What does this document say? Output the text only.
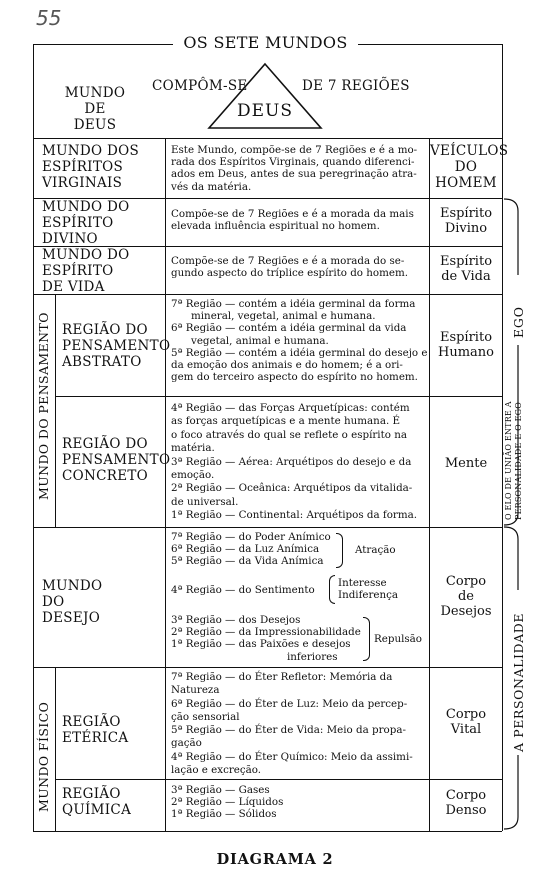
55
OS SETE MUNDOS
MUNDO
DE
DEUS
COMPÔM-SE	DE 7 REGIÕES
DEUS
MUNDO DOS
ESPÍRITOS
VIRGINAIS
Este Mundo, compõe-se de 7 Regiões e é a mo-
rada dos Espíritos Virginais, quando diferenci-
ados em Deus, antes de sua peregrinação atra-
vés da matéria.
VEÍCULOS
DO
HOMEM
MUNDO DO
ESPÍRITO
DIVINO
Compõe-se de 7 Regiões e é a morada da mais
elevada influência espiritual no homem.
Espírito
Divino
MUNDO DO
ESPÍRITO
DE VIDA
Compõe-se de 7 Regiões e é a morada do se-
gundo aspecto do tríplice espírito do homem.
Espírito
de Vida
MUNDO DO PENSAMENTO REGIÃO DO
PENSAMENTO
ABSTRATO
7ª Região — contém a idéia germinal da forma
mineral, vegetal, animal e humana.
6ª Região — contém a idéia germinal da vida
vegetal, animal e humana.
5ª Região — contém a idéia germinal do desejo e
da emoção dos animais e do homem; é a ori-
gem do terceiro aspecto do espírito no homem.
Espírito
Humano
REGIÃO DO
PENSAMENTO
CONCRETO
4ª Região — das Forças Arquetípicas: contém
as forças arquetípicas e a mente humana. É
o foco através do qual se reflete o espírito na
matéria.
3ª Região — Aérea: Arquétipos do desejo e da
emoção.
2ª Região — Oceânica: Arquétipos da vitalida-
de universal.
1ª Região — Continental: Arquétipos da forma.
Mente
MUNDO
DO
DESEJO
7ª Região — do Poder Anímico
6ª Região — da Luz Anímica
5ª Região — da Vida Anímica
Atração
4ª Região — do Sentimento
Interesse
Indiferença
3ª Região — dos Desejos
2ª Região — da Impressionabilidade
1ª Região — das Paixões e desejos
inferiores
Repulsão
Corpo
de
Desejos
MUNDO FÍSICO REGIÃO
ETÉRICA
7ª Região — do Éter Refletor: Memória da
Natureza
6ª Região — do Éter de Luz: Meio da percep-
ção sensorial
5ª Região — do Éter de Vida: Meio da propa-
gação
4ª Região — do Éter Químico: Meio da assimi-
lação e excreção.
Corpo
Vital
REGIÃO
QUÍMICA
3ª Região — Gases
2ª Região — Líquidos
1ª Região — Sólidos
Corpo
Denso
EGO
O ELO DE UNIÃO ENTRE A PERSONALIDADE E O EGO
A PERSONALIDADE
DIAGRAMA 2
